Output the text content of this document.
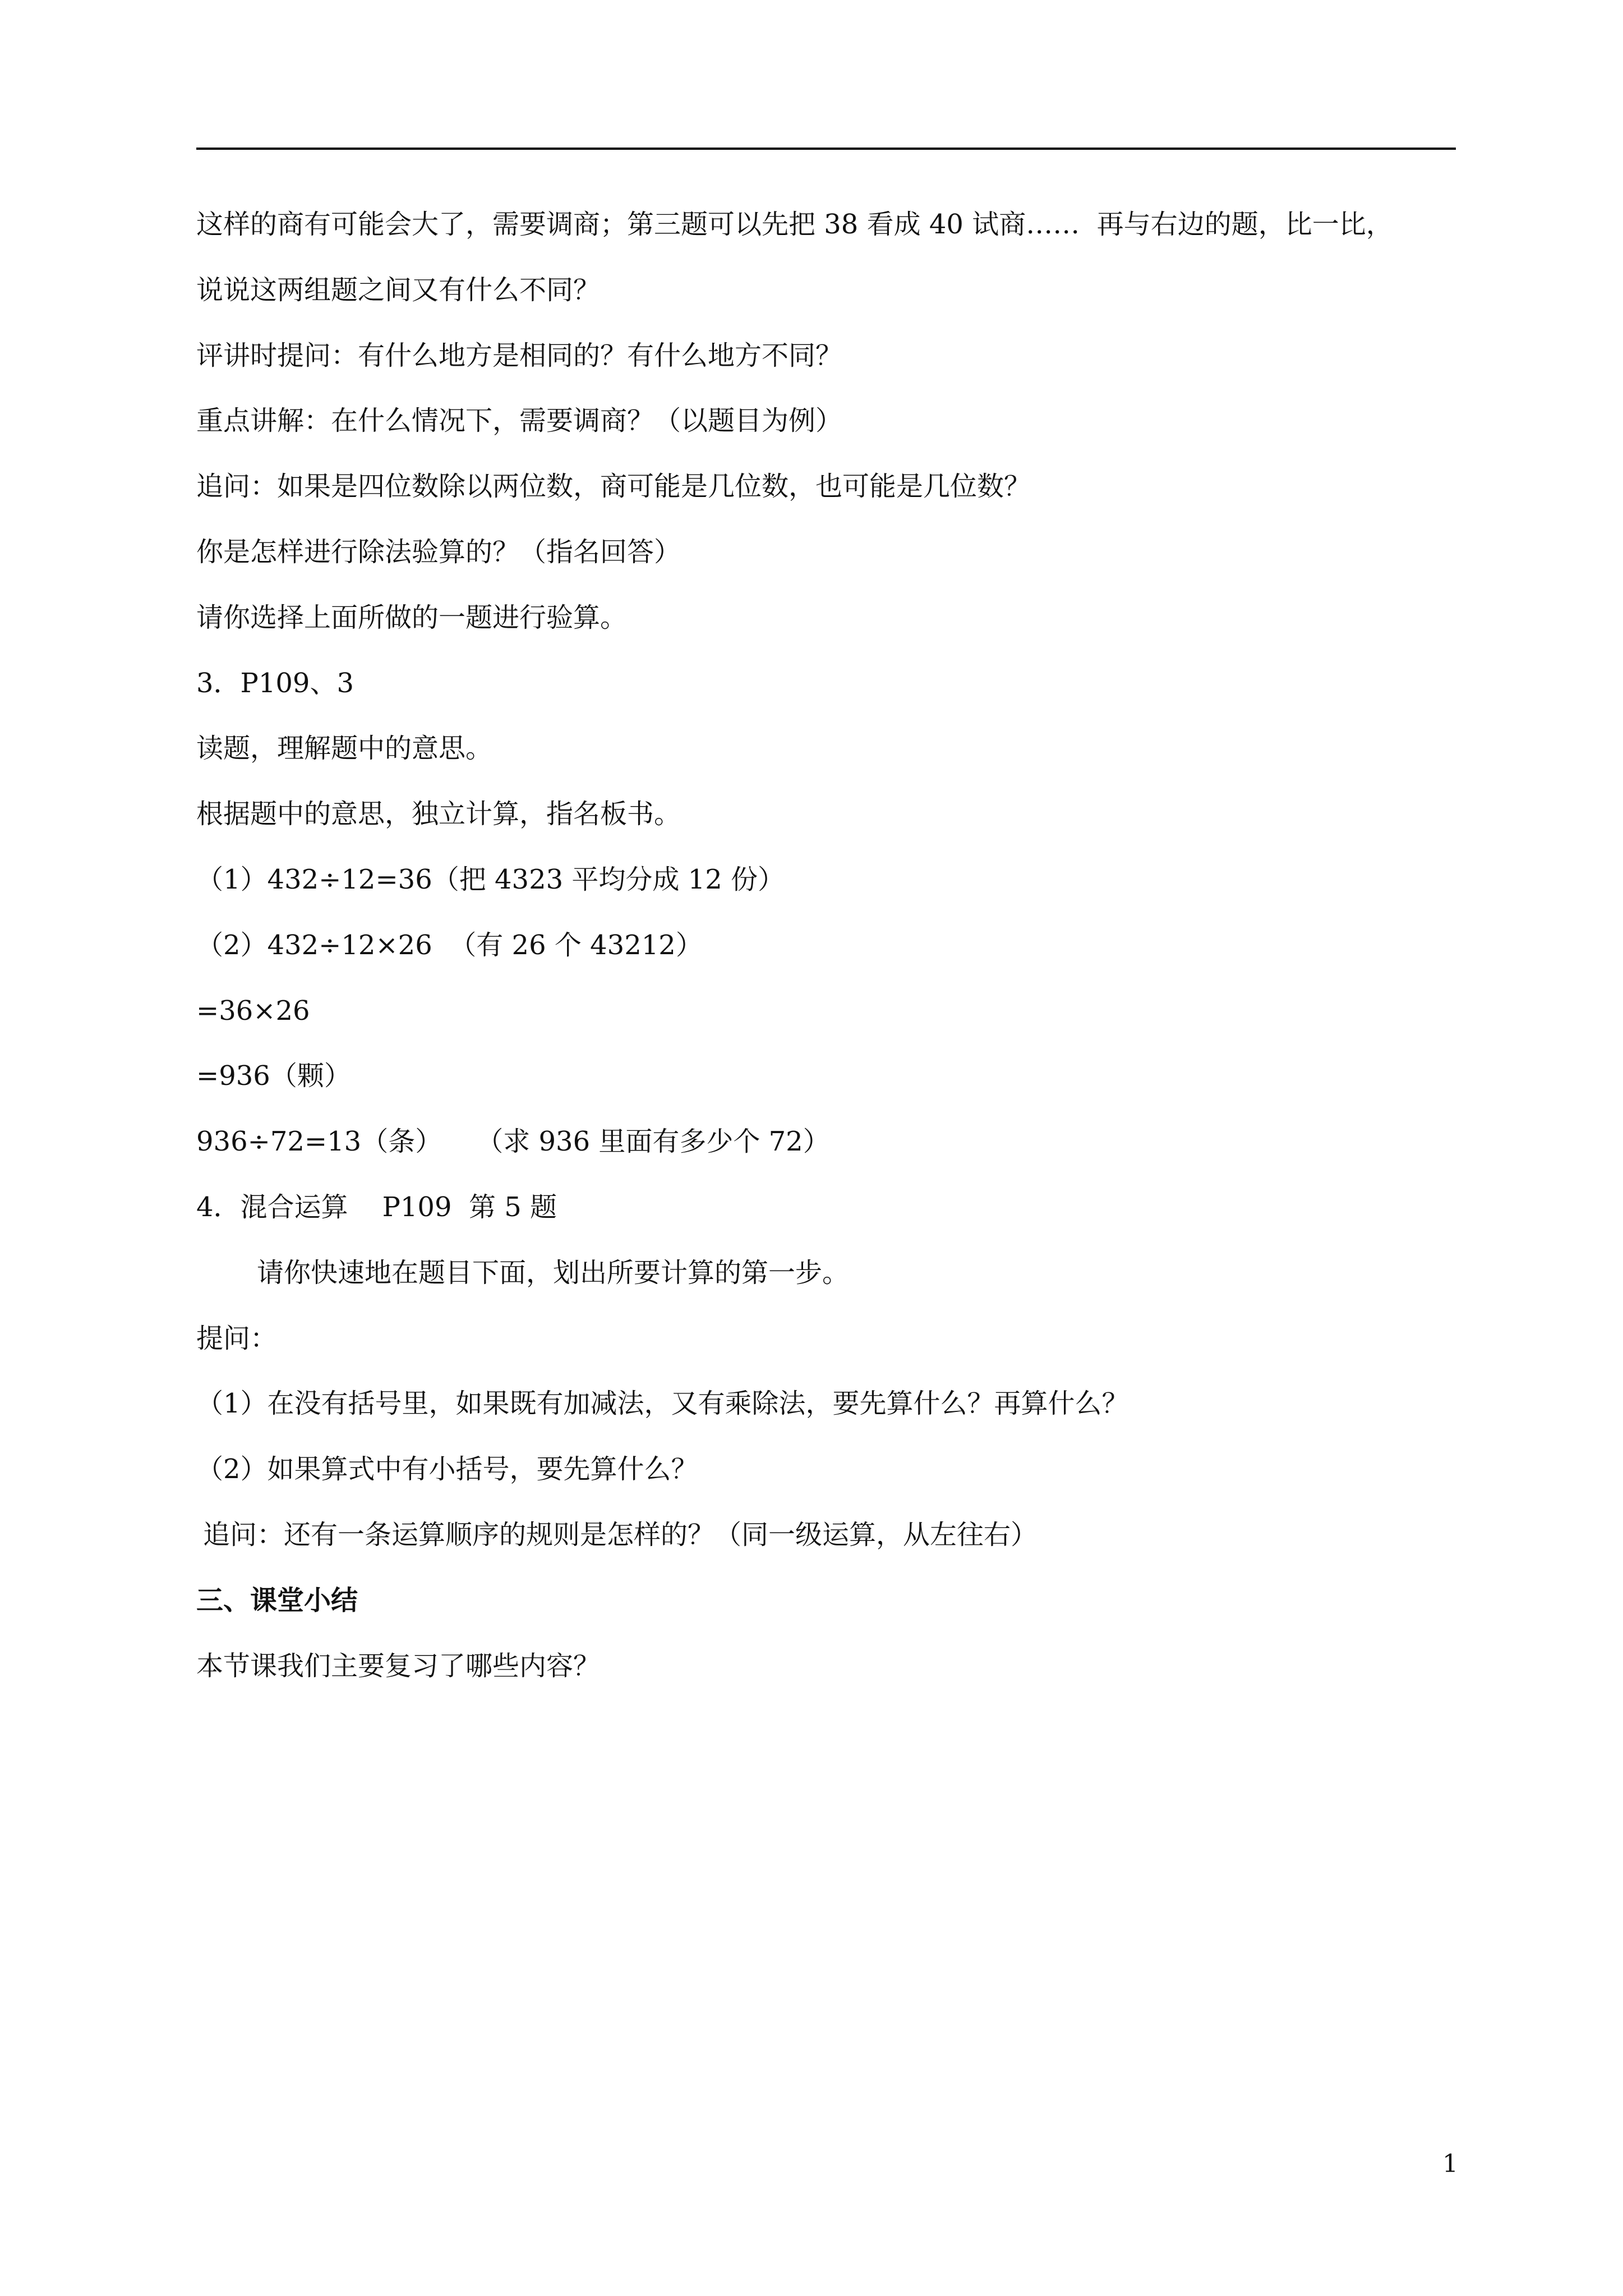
这样的商有可能会大了，需要调商；第三题可以先把 38 看成 40 试商……  再与右边的题，比一比，
说说这两组题之间又有什么不同？
评讲时提问：有什么地方是相同的？有什么地方不同？
重点讲解：在什么情况下，需要调商？（以题目为例）
追问：如果是四位数除以两位数，商可能是几位数，也可能是几位数？
你是怎样进行除法验算的？（指名回答）
请你选择上面所做的一题进行验算。
3．P109、3
读题，理解题中的意思。
根据题中的意思，独立计算，指名板书。
（1）432÷12=36（把 4323 平均分成 12 份）
（2）432÷12×26  （有 26 个 43212）
=36×26
=936（颗）
936÷72=13（条）    （求 936 里面有多少个 72）
4．混合运算    P109  第 5 题
请你快速地在题目下面，划出所要计算的第一步。
提问：
（1）在没有括号里，如果既有加减法，又有乘除法，要先算什么？再算什么？
（2）如果算式中有小括号，要先算什么？
追问：还有一条运算顺序的规则是怎样的？（同一级运算，从左往右）
三、课堂小结
本节课我们主要复习了哪些内容？
1
